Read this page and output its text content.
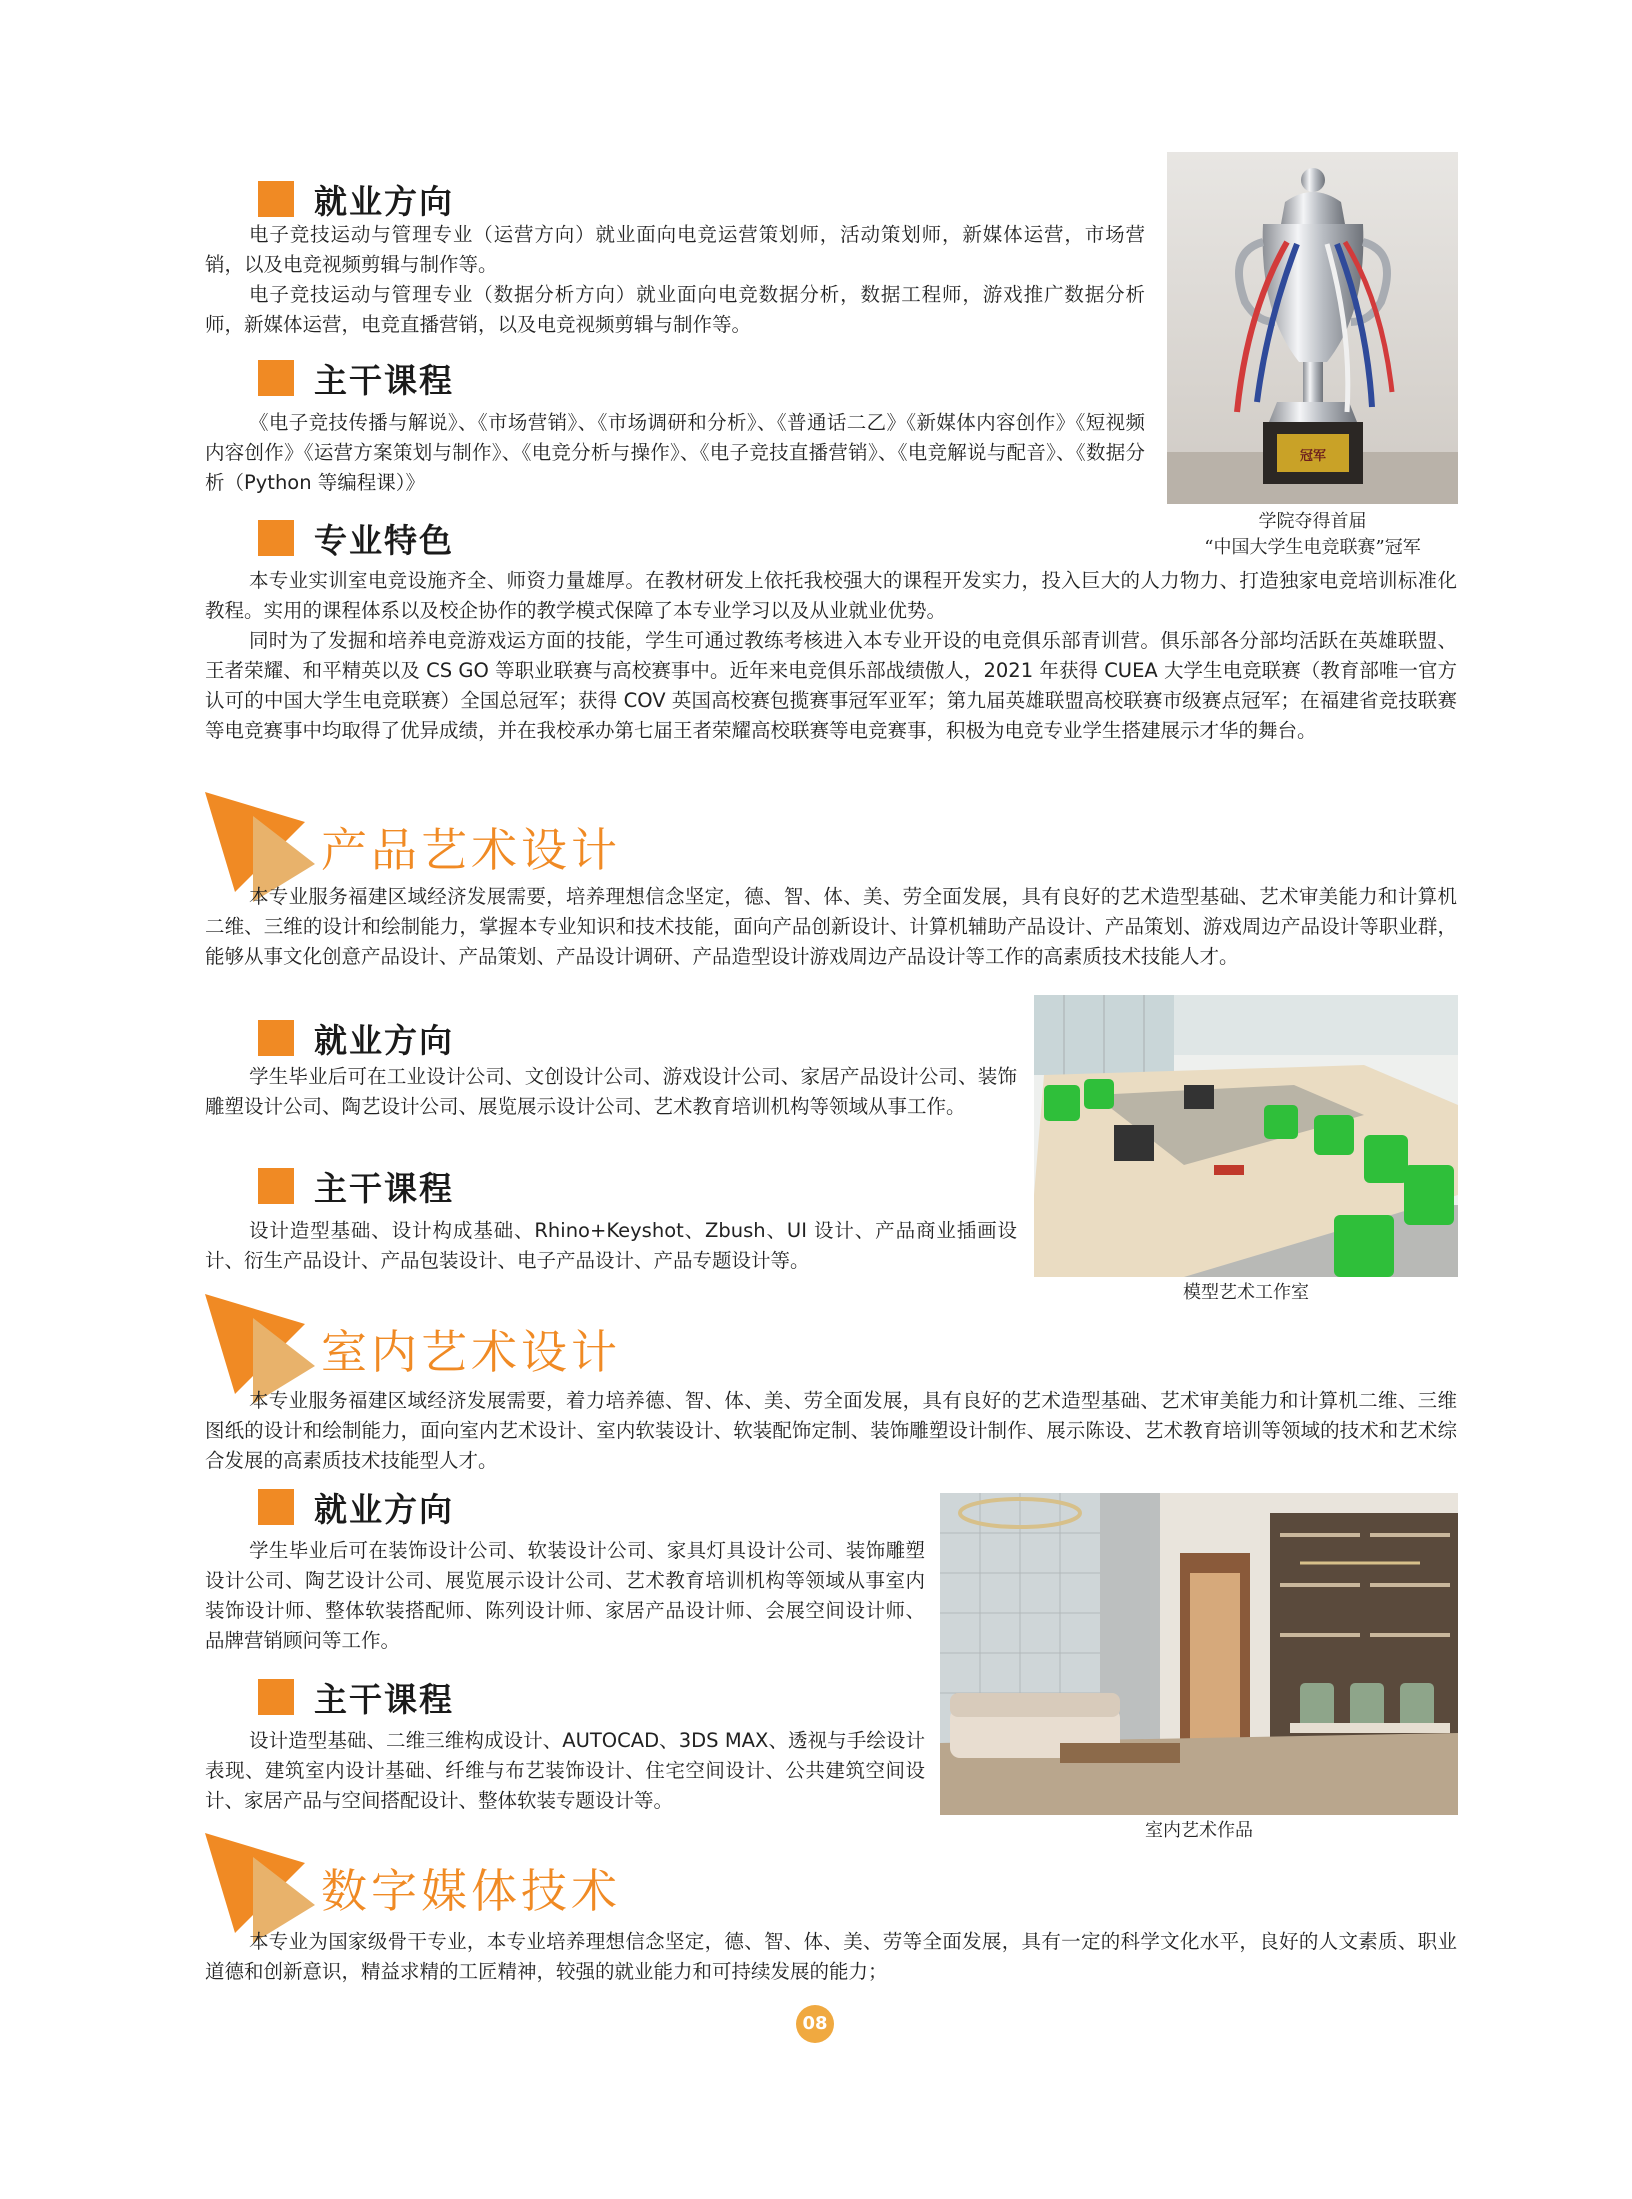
就业方向

电子竞技运动与管理专业（运营方向）就业面向电竞运营策划师，活动策划师，新媒体运营，市场营销，以及电竞视频剪辑与制作等。

电子竞技运动与管理专业（数据分析方向）就业面向电竞数据分析，数据工程师，游戏推广数据分析师，新媒体运营，电竞直播营销，以及电竞视频剪辑与制作等。

主干课程

《电子竞技传播与解说》、《市场营销》、《市场调研和分析》、《普通话二乙》《新媒体内容创作》《短视频内容创作》《运营方案策划与制作》、《电竞分析与操作》、《电子竞技直播营销》、《电竞解说与配音》、《数据分析（Python 等编程课）》

专业特色

本专业实训室电竞设施齐全、师资力量雄厚。在教材研发上依托我校强大的课程开发实力，投入巨大的人力物力、打造独家电竞培训标准化教程。实用的课程体系以及校企协作的教学模式保障了本专业学习以及从业就业优势。

同时为了发掘和培养电竞游戏运方面的技能，学生可通过教练考核进入本专业开设的电竞俱乐部青训营。俱乐部各分部均活跃在英雄联盟、王者荣耀、和平精英以及 CS GO 等职业联赛与高校赛事中。近年来电竞俱乐部战绩傲人，2021 年获得 CUEA 大学生电竞联赛（教育部唯一官方认可的中国大学生电竞联赛）全国总冠军；获得 COV 英国高校赛包揽赛事冠军亚军；第九届英雄联盟高校联赛市级赛点冠军；在福建省竞技联赛等电竞赛事中均取得了优异成绩，并在我校承办第七届王者荣耀高校联赛等电竞赛事，积极为电竞专业学生搭建展示才华的舞台。

冠军
学院夺得首届
“中国大学生电竞联赛”冠军
产品艺术设计

本专业服务福建区域经济发展需要，培养理想信念坚定，德、智、体、美、劳全面发展，具有良好的艺术造型基础、艺术审美能力和计算机二维、三维的设计和绘制能力，掌握本专业知识和技术技能，面向产品创新设计、计算机辅助产品设计、产品策划、游戏周边产品设计等职业群，能够从事文化创意产品设计、产品策划、产品设计调研、产品造型设计游戏周边产品设计等工作的高素质技术技能人才。

就业方向

学生毕业后可在工业设计公司、文创设计公司、游戏设计公司、家居产品设计公司、装饰雕塑设计公司、陶艺设计公司、展览展示设计公司、艺术教育培训机构等领域从事工作。

主干课程

设计造型基础、设计构成基础、Rhino+Keyshot、Zbush、UI 设计、产品商业插画设计、衍生产品设计、产品包装设计、电子产品设计、产品专题设计等。

模型艺术工作室
室内艺术设计

本专业服务福建区域经济发展需要，着力培养德、智、体、美、劳全面发展，具有良好的艺术造型基础、艺术审美能力和计算机二维、三维图纸的设计和绘制能力，面向室内艺术设计、室内软装设计、软装配饰定制、装饰雕塑设计制作、展示陈设、艺术教育培训等领域的技术和艺术综合发展的高素质技术技能型人才。

就业方向

学生毕业后可在装饰设计公司、软装设计公司、家具灯具设计公司、装饰雕塑设计公司、陶艺设计公司、展览展示设计公司、艺术教育培训机构等领域从事室内装饰设计师、整体软装搭配师、陈列设计师、家居产品设计师、会展空间设计师、品牌营销顾问等工作。

主干课程

设计造型基础、二维三维构成设计、AUTOCAD、3DS MAX、透视与手绘设计表现、建筑室内设计基础、纤维与布艺装饰设计、住宅空间设计、公共建筑空间设计、家居产品与空间搭配设计、整体软装专题设计等。

室内艺术作品
数字媒体技术

本专业为国家级骨干专业，本专业培养理想信念坚定，德、智、体、美、劳等全面发展，具有一定的科学文化水平，良好的人文素质、职业道德和创新意识，精益求精的工匠精神，较强的就业能力和可持续发展的能力；

08
